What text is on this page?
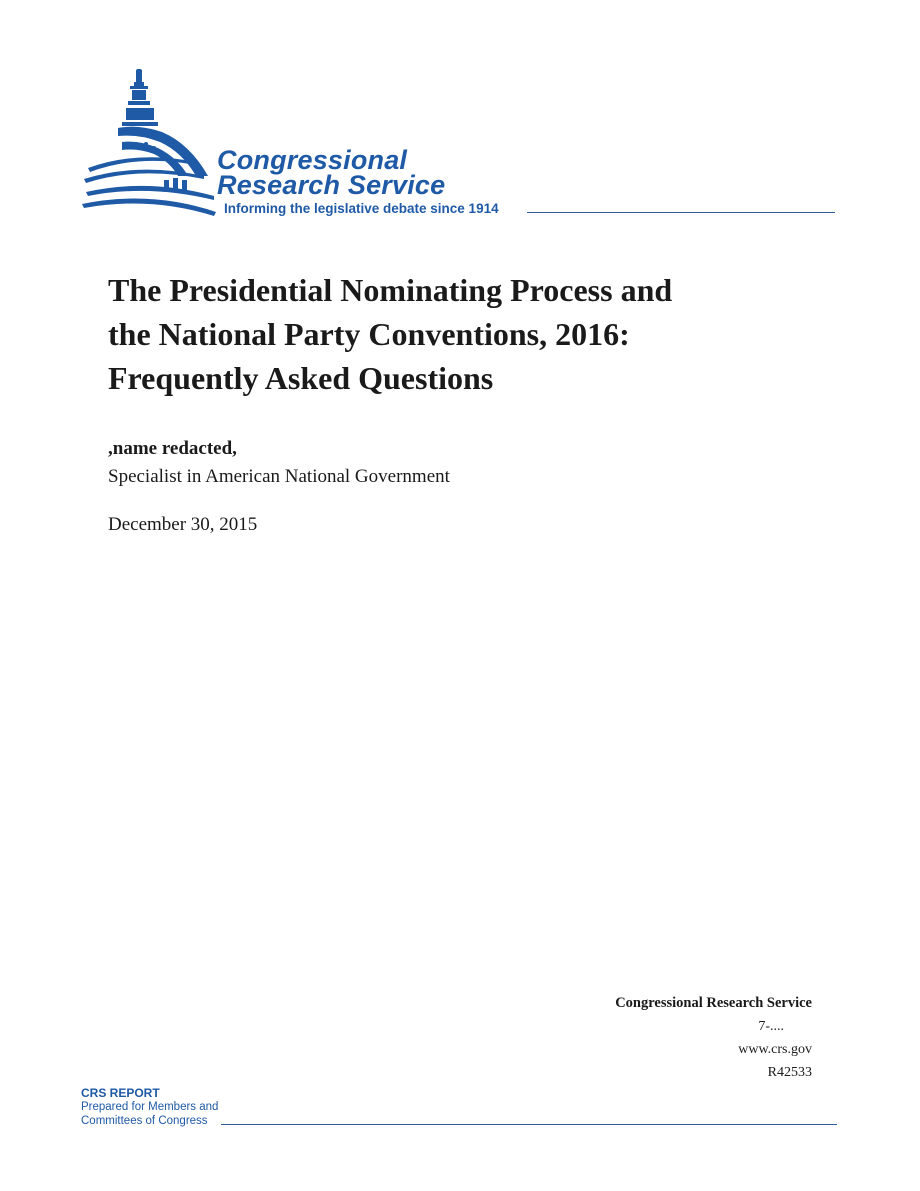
Congressional
Research Service
Informing the legislative debate since 1914
The Presidential Nominating Process and
the National Party Conventions, 2016:
Frequently Asked Questions
,name redacted,
Specialist in American National Government
December 30, 2015
Congressional Research Service
7-....
www.crs.gov
R42533
CRS REPORT
Prepared for Members and
Committees of Congress
